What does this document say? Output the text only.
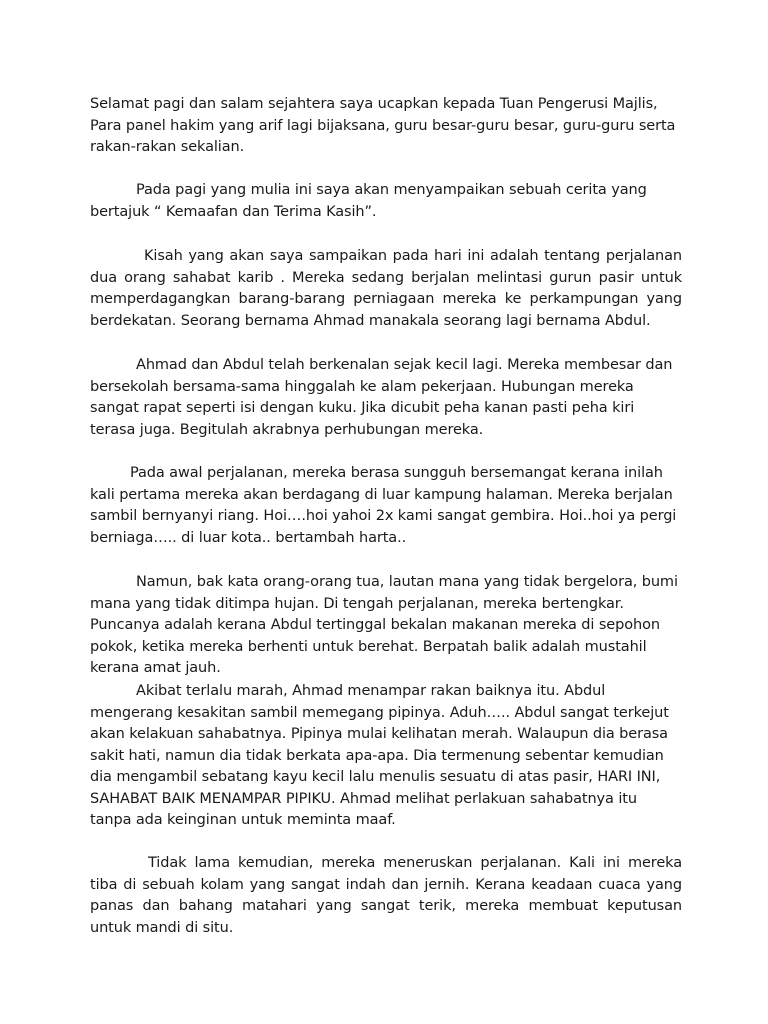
Selamat pagi dan salam sejahtera saya ucapkan kepada Tuan Pengerusi Majlis, Para panel hakim yang arif lagi bijaksana, guru besar-guru besar, guru-guru serta rakan-rakan sekalian.

Pada pagi yang mulia ini saya akan menyampaikan sebuah cerita yang bertajuk “ Kemaafan dan Terima Kasih”.

Kisah yang akan saya sampaikan pada hari ini adalah tentang perjalanan dua orang sahabat karib . Mereka sedang berjalan melintasi gurun pasir untuk memperdagangkan barang-barang perniagaan mereka ke perkampungan yang berdekatan. Seorang bernama Ahmad manakala seorang lagi bernama Abdul.

Ahmad dan Abdul telah berkenalan sejak kecil lagi. Mereka membesar dan bersekolah bersama-sama hinggalah ke alam pekerjaan. Hubungan mereka sangat rapat seperti isi dengan kuku. Jika dicubit peha kanan pasti peha kiri terasa juga. Begitulah akrabnya perhubungan mereka.

Pada awal perjalanan, mereka berasa sungguh bersemangat kerana inilah kali pertama mereka akan berdagang di luar kampung halaman. Mereka berjalan sambil bernyanyi riang. Hoi….hoi yahoi 2x kami sangat gembira. Hoi..hoi ya pergi berniaga….. di luar kota.. bertambah harta..

Namun, bak kata orang-orang tua, lautan mana yang tidak bergelora, bumi mana yang tidak ditimpa hujan. Di tengah perjalanan, mereka bertengkar. Puncanya adalah kerana Abdul tertinggal bekalan makanan mereka di sepohon pokok, ketika mereka berhenti untuk berehat. Berpatah balik adalah mustahil kerana amat jauh.

Akibat terlalu marah, Ahmad menampar rakan baiknya itu. Abdul mengerang kesakitan sambil memegang pipinya. Aduh….. Abdul sangat terkejut akan kelakuan sahabatnya. Pipinya mulai kelihatan merah. Walaupun dia berasa sakit hati, namun dia tidak berkata apa-apa. Dia termenung sebentar kemudian dia mengambil sebatang kayu kecil lalu menulis sesuatu di atas pasir, HARI INI, SAHABAT BAIK MENAMPAR PIPIKU. Ahmad melihat perlakuan sahabatnya itu tanpa ada keinginan untuk meminta maaf.

Tidak lama kemudian, mereka meneruskan perjalanan. Kali ini mereka tiba di sebuah kolam yang sangat indah dan jernih. Kerana keadaan cuaca yang panas dan bahang matahari yang sangat terik, mereka membuat keputusan untuk mandi di situ.
